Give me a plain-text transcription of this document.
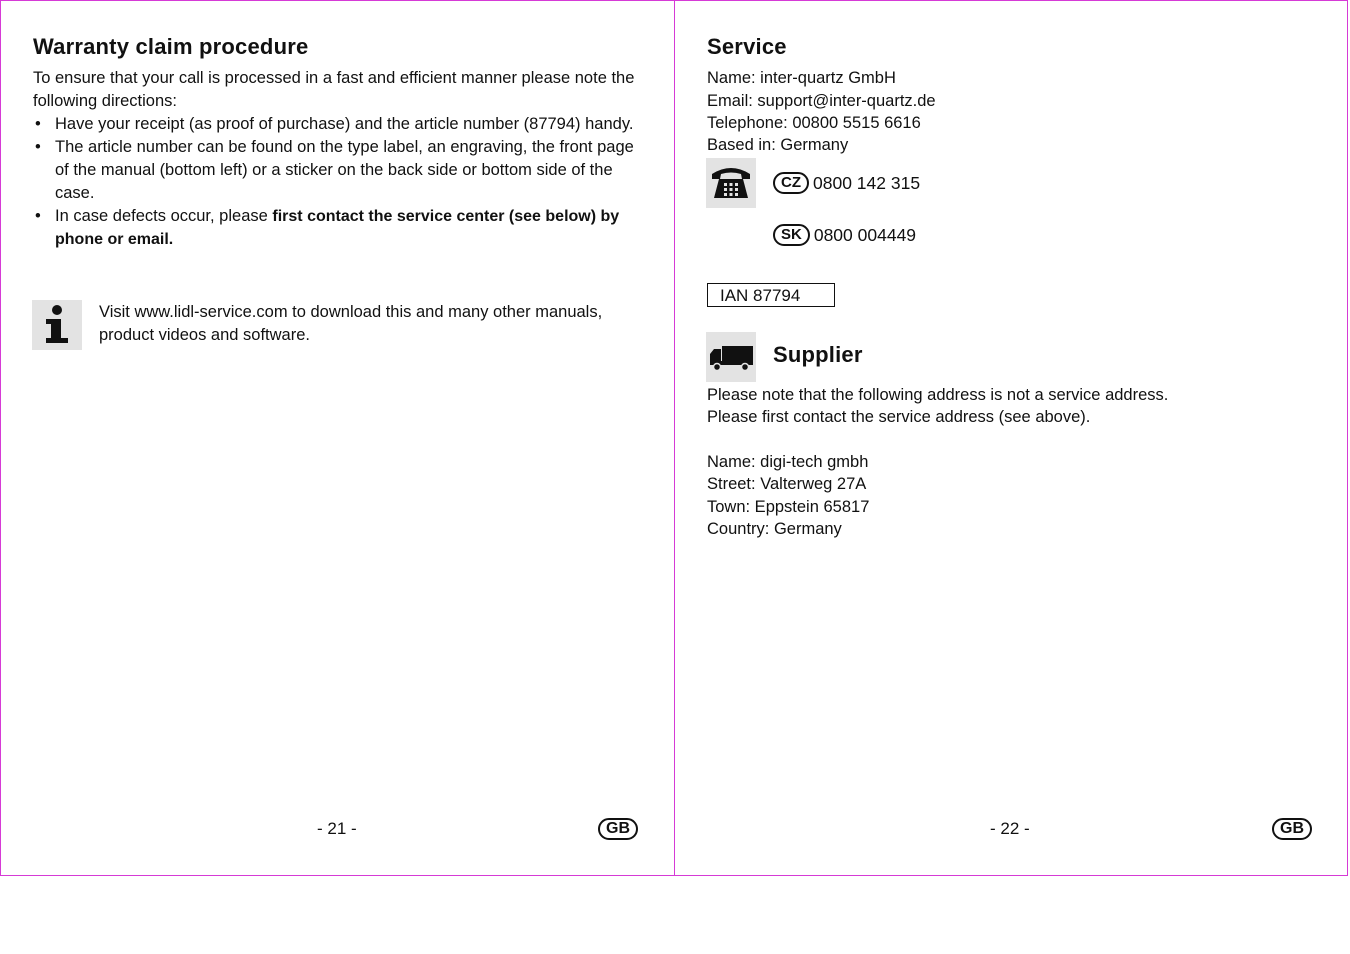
Warranty claim procedure
To ensure that your call is processed in a fast and efficient manner please note the following directions:
• Have your receipt (as proof of purchase) and the article number (87794) handy.
• The article number can be found on the type label, an engraving, the front page of the manual (bottom left) or a sticker on the back side or bottom side of the case.
• In case defects occur, please first contact the service center (see below) by phone or email.
Visit www.lidl-service.com to download this and many other manuals, product videos and software.
- 21 -	GB
Service
Name: inter-quartz GmbH
Email: support@inter-quartz.de
Telephone: 00800 5515 6616
Based in: Germany
CZ 0800 142 315
SK 0800 004449
IAN 87794
Supplier
Please note that the following address is not a service address.
Please first contact the service address (see above).
Name: digi-tech gmbh
Street: Valterweg 27A
Town: Eppstein 65817
Country: Germany
- 22 -	GB
